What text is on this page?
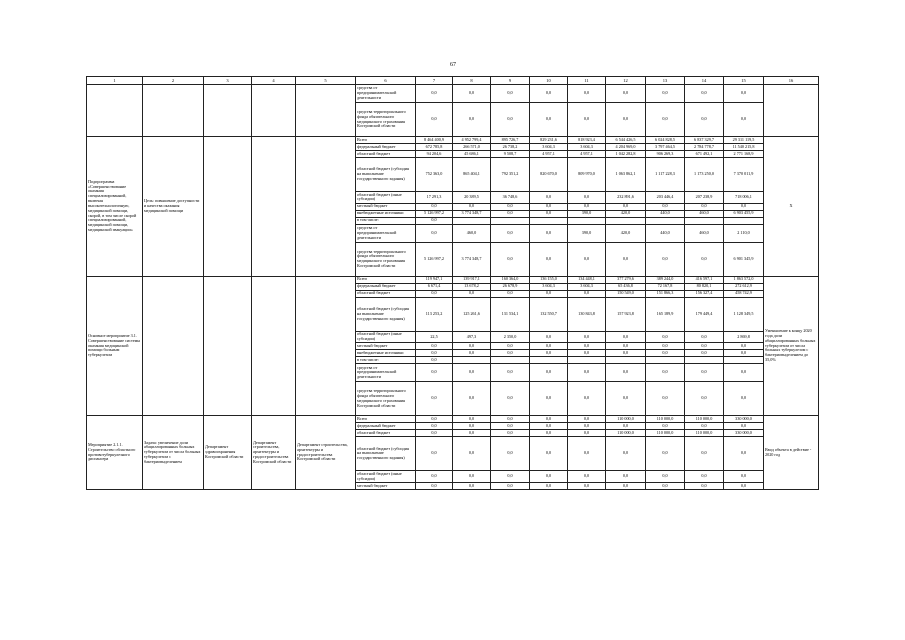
67
1	2	3	4	5	6	7	8	9	10	11	12	13	14	15	16
					средства от предпринимательской деятельности	0,0	0,0	0,0	0,0	0,0	0,0	0,0	0,0	0,0	
					средства территориального фонда обязательного медицинского страхования Костромской области	0,0	0,0	0,0	0,0	0,0	0,0	0,0	0,0	0,0	
Подпрограмма «Совершенствование оказания специализированной, включая высокотехнологичную, медицинской помощи, скорой, в том числе скорой специализированной, медицинской помощи, медицинской эвакуации»	Цель: повышение доступности и качества оказания медицинской помощи				Всего	8 464 400,9	4 952 799,4	895 726,7	829 231,6	818 923,4	6 544 426,5	6 024 828,5	6 837 329,7	29 311 119,5	Х
					федеральный бюджет	672 785,8	266 571,0	26 738,2	3 604,3	3 604,3	4 204 969,0	3 797 464,5	2 784 778,7	11 540 215,8	
					областной бюджет	94 204,6	45 686,1	9 508,7	4 957,1	4 957,1	1 042 282,8	906 269,3	671 492,1	2 771 168,9	
					областной бюджет (субсидия на выполнение государственного задания)	752 363,0	865 404,1	792 351,2	820 670,0	809 970,0	1 063 862,1	1 117 228,3	1 173 250,0	7 370 011,9	
					областной бюджет (иные субсидии)	17 291,3	20 389,5	36 748,6	0,0	0,0	232 891,6	203 446,4	207 238,9	718 006,1	
					местный бюджет	0,0	0,0	0,0	0,0	0,0	0,0	0,0	0,0	0,0	
					внебюджетные источники	5 126 997,2	3 774 348,7	0,0	0,0	390,0	420,0	440,0	460,0	6 903 455,9	
					в том числе:	0,0									
					средства от предпринимательской деятельности	0,0	460,0	0,0	0,0	390,0	420,0	440,0	460,0	2 110,0	
					средства территориального фонда обязательного медицинского страхования Костромской области	5 126 997,2	3 774 348,7	0,0	0,0	0,0	0,0	0,0	0,0	6 901 345,9	
Основное мероприятие 3.1. Совершенствование системы оказания медицинской помощи больным туберкулезом					Всего	119 947,1	139 917,1	160 364,0	136 155,0	134 448,1	377 279,6	389 244,0	416 597,1	1 863 572,0	Уменьшение к концу 2020 года доли абациллированных больных туберкулезом от числа больных туберкулезом с бактериовыделением до 35,0%
					федеральный бюджет	6 671,4	13 678,2	26 678,9	3 604,3	3 604,3	65 436,8	72 167,8	80 820,1	272 612,9	
					областной бюджет	0,0	0,0	0,0	0,0	0,0	150 549,0	151 866,3	156 327,4	458 742,9	
					областной бюджет (субсидия на выполнение государственного задания)	113 253,2	125 261,6	131 534,1	132 550,7	130 843,8	157 923,8	165 189,9	179 449,4	1 128 349,5	
					областной бюджет (иные субсидии)	22,5	497,3	2 350,0	0,0	0,0	0,0	0,0	0,0	2 869,8	
					местный бюджет	0,0	0,0	0,0	0,0	0,0	0,0	0,0	0,0	0,0	
					внебюджетные источники	0,0	0,0	0,0	0,0	0,0	0,0	0,0	0,0	0,0	
					в том числе:	0,0									
					средства от предпринимательской деятельности	0,0	0,0	0,0	0,0	0,0	0,0	0,0	0,0	0,0	
					средства территориального фонда обязательного медицинского страхования Костромской области	0,0	0,0	0,0	0,0	0,0	0,0	0,0	0,0	0,0	
Мероприятие 2.1.1. Строительство областного противотуберкулезного диспансера	Задача: увеличение доли абациллированных больных туберкулезом от числа больных туберкулезом с бактериовыделением	Департамент здравоохранения Костромской области	Департамент строительства, архитектуры и градостроительства Костромской области	Департамент строительства, архитектуры и градостроительства Костромской области	Всего	0,0	0,0	0,0	0,0	0,0	110 000,0	110 000,0	110 000,0	330 000,0	Ввод объекта в действие - 2020 год
					федеральный бюджет	0,0	0,0	0,0	0,0	0,0	0,0	0,0	0,0	0,0	
					областной бюджет	0,0	0,0	0,0	0,0	0,0	110 000,0	110 000,0	110 000,0	330 000,0	
					областной бюджет (субсидия на выполнение государственного задания)	0,0	0,0	0,0	0,0	0,0	0,0	0,0	0,0	0,0	
					областной бюджет (иные субсидии)	0,0	0,0	0,0	0,0	0,0	0,0	0,0	0,0	0,0	
					местный бюджет	0,0	0,0	0,0	0,0	0,0	0,0	0,0	0,0	0,0	
